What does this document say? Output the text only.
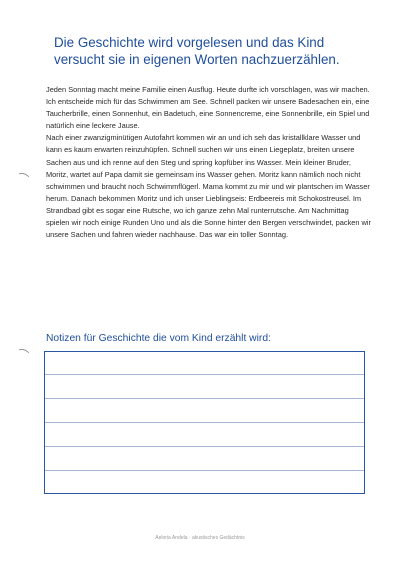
Die Geschichte wird vorgelesen und das Kind versucht sie in eigenen Worten nachzuerzählen.

Jeden Sonntag macht meine Familie einen Ausflug. Heute durfte ich vorschlagen, was wir machen. Ich entscheide mich für das Schwimmen am See. Schnell packen wir unsere Badesachen ein, eine Taucherbrille, einen Sonnenhut, ein Badetuch, eine Sonnencreme, eine Sonnenbrille, ein Spiel und natürlich eine leckere Jause.

Nach einer zwanzigminütigen Autofahrt kommen wir an und ich seh das kristallklare Wasser und kann es kaum erwarten reinzuhüpfen. Schnell suchen wir uns einen Liegeplatz, breiten unsere Sachen aus und ich renne auf den Steg und spring kopfüber ins Wasser. Mein kleiner Bruder, Moritz, wartet auf Papa damit sie gemeinsam ins Wasser gehen. Moritz kann nämlich noch nicht schwimmen und braucht noch Schwimmflügerl. Mama kommt zu mir und wir plantschen im Wasser herum. Danach bekommen Moritz und ich unser Lieblingseis: Erdbeereis mit Schokostreusel. Im Strandbad gibt es sogar eine Rutsche, wo ich ganze zehn Mal runterrutsche. Am Nachmittag spielen wir noch einige Runden Uno und als die Sonne hinter den Bergen verschwindet, packen wir unsere Sachen und fahren wieder nachhause. Das war ein toller Sonntag.

Notizen für Geschichte die vom Kind erzählt wird:
Aeloria Andela · akustisches Gedächtnis
